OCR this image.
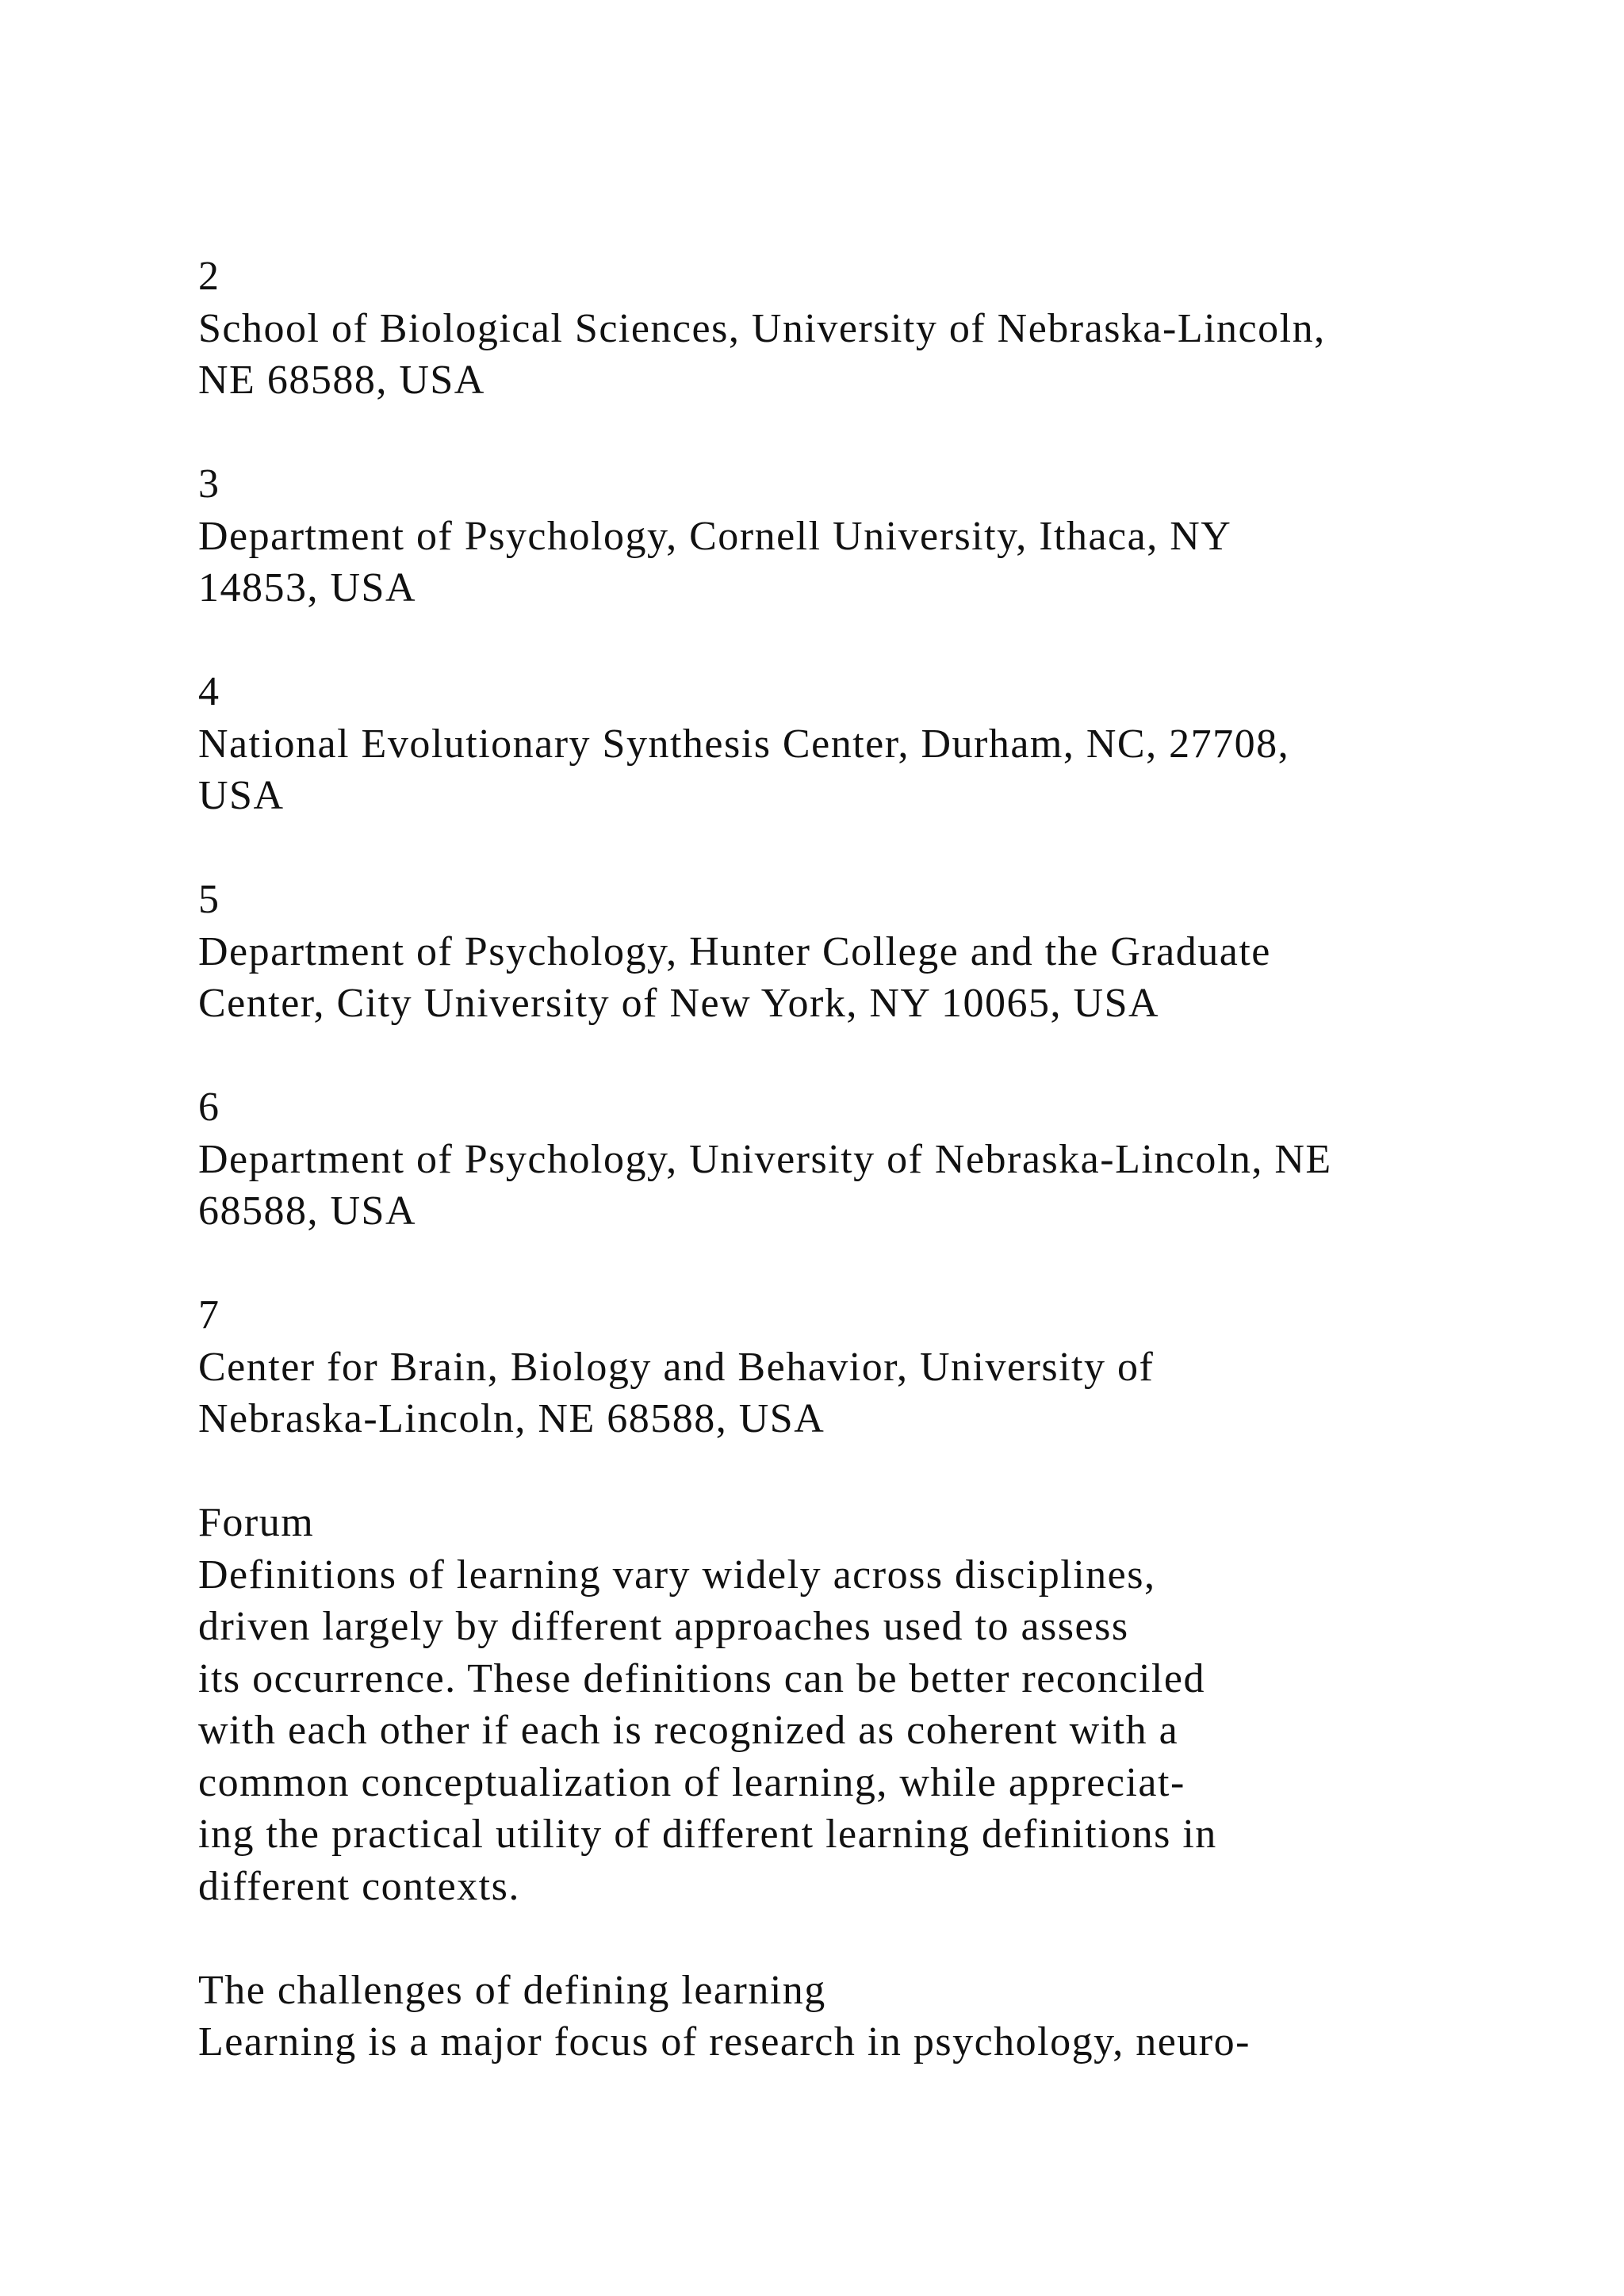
2
School of Biological Sciences, University of Nebraska-Lincoln,
NE 68588, USA
3
Department of Psychology, Cornell University, Ithaca, NY
14853, USA
4
National Evolutionary Synthesis Center, Durham, NC, 27708,
USA
5
Department of Psychology, Hunter College and the Graduate
Center, City University of New York, NY 10065, USA
6
Department of Psychology, University of Nebraska-Lincoln, NE
68588, USA
7
Center for Brain, Biology and Behavior, University of
Nebraska-Lincoln, NE 68588, USA
Forum
Definitions of learning vary widely across disciplines,
driven largely by different approaches used to assess
its occurrence. These definitions can be better reconciled
with each other if each is recognized as coherent with a
common conceptualization of learning, while appreciat-
ing the practical utility of different learning definitions in
different contexts.
The challenges of defining learning
Learning is a major focus of research in psychology, neuro-
